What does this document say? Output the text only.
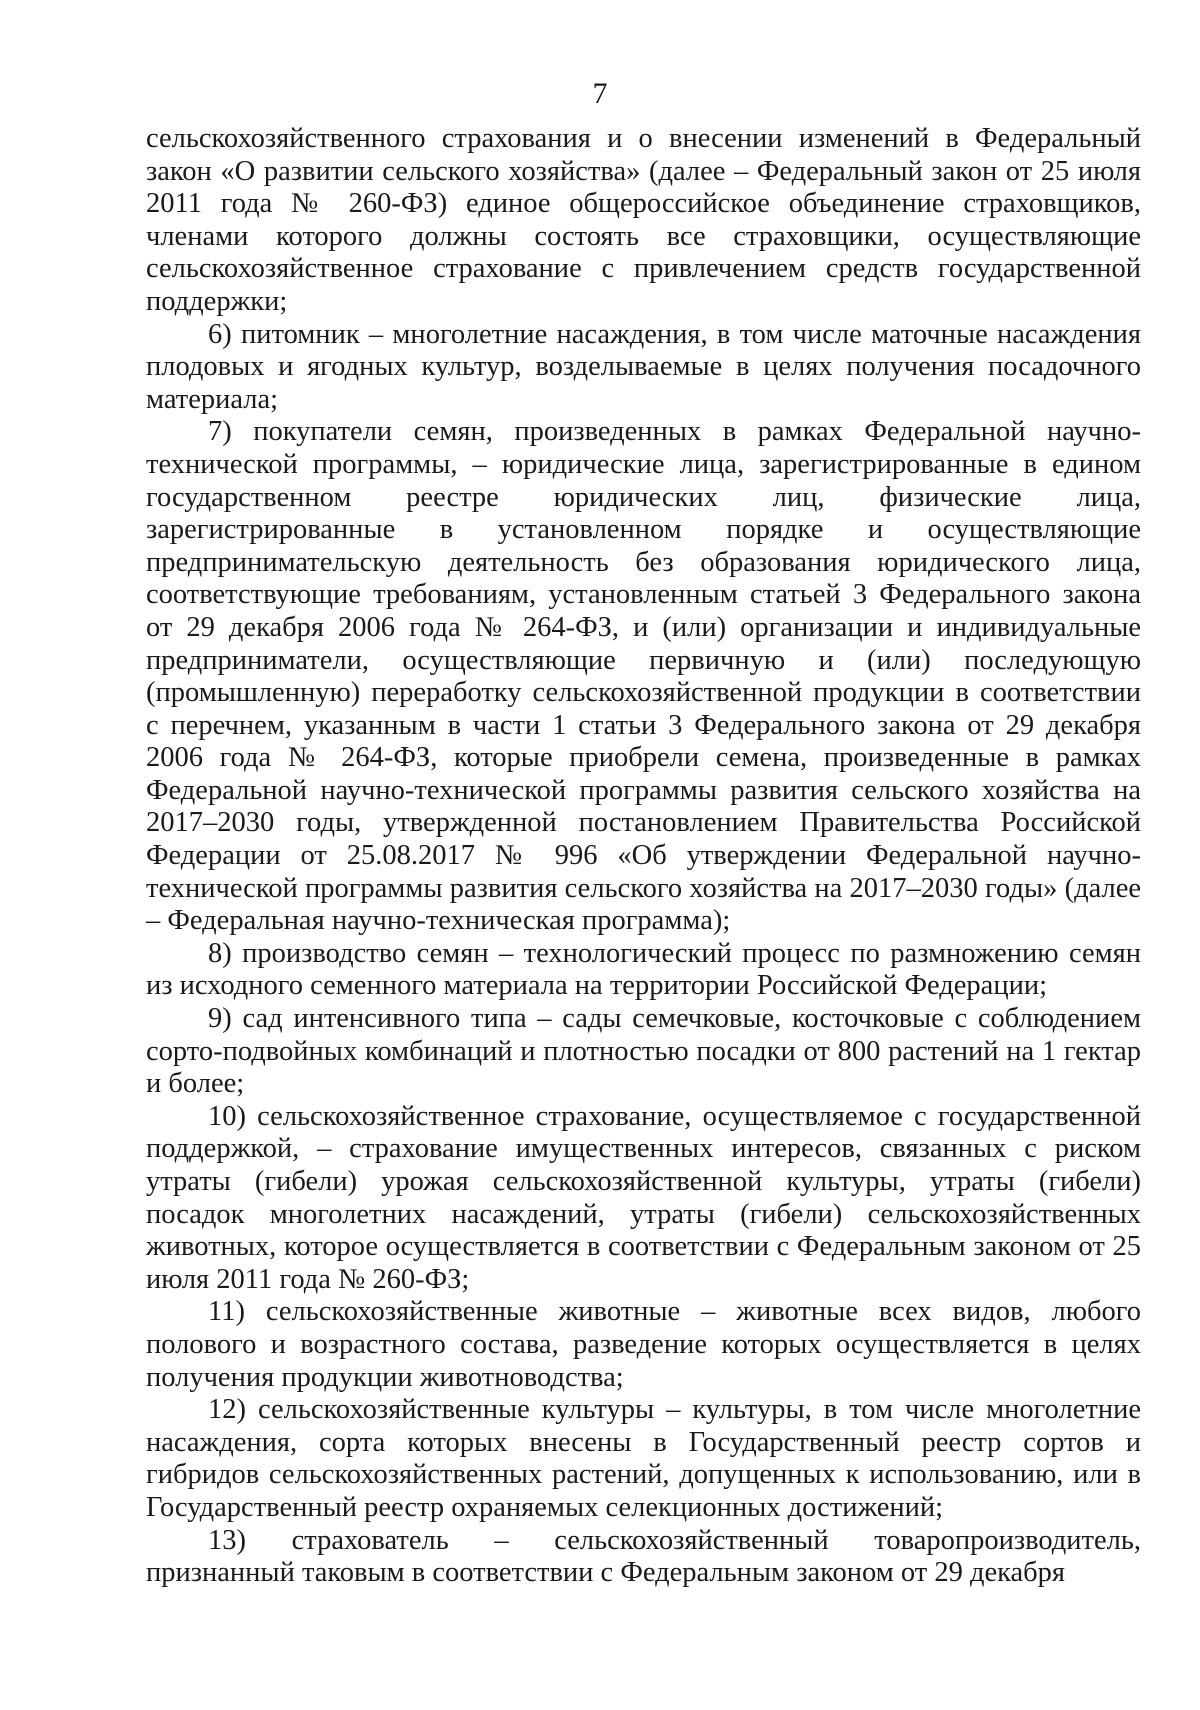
7

сельскохозяйственного страхования и о внесении изменений в Федеральный закон «О развитии сельского хозяйства» (далее – Федеральный закон от 25 июля 2011 года № 260-ФЗ) единое общероссийское объединение страховщиков, членами которого должны состоять все страховщики, осуществляющие сельскохозяйственное страхование с привлечением средств государственной поддержки;

6) питомник – многолетние насаждения, в том числе маточные насаждения плодовых и ягодных культур, возделываемые в целях получения посадочного материала;

7) покупатели семян, произведенных в рамках Федеральной научно-технической программы, – юридические лица, зарегистрированные в едином государственном реестре юридических лиц, физические лица, зарегистрированные в установленном порядке и осуществляющие предпринимательскую деятельность без образования юридического лица, соответствующие требованиям, установленным статьей 3 Федерального закона от 29 декабря 2006 года № 264-ФЗ, и (или) организации и индивидуальные предприниматели, осуществляющие первичную и (или) последующую (промышленную) переработку сельскохозяйственной продукции в соответствии с перечнем, указанным в части 1 статьи 3 Федерального закона от 29 декабря 2006 года № 264-ФЗ, которые приобрели семена, произведенные в рамках Федеральной научно-технической программы развития сельского хозяйства на 2017–2030 годы, утвержденной постановлением Правительства Российской Федерации от 25.08.2017 № 996 «Об утверждении Федеральной научно-технической программы развития сельского хозяйства на 2017–2030 годы» (далее – Федеральная научно-техническая программа);

8) производство семян – технологический процесс по размножению семян из исходного семенного материала на территории Российской Федерации;

9) сад интенсивного типа – сады семечковые, косточковые с соблюдением сорто-подвойных комбинаций и плотностью посадки от 800 растений на 1 гектар и более;

10) сельскохозяйственное страхование, осуществляемое с государственной поддержкой, – страхование имущественных интересов, связанных с риском утраты (гибели) урожая сельскохозяйственной культуры, утраты (гибели) посадок многолетних насаждений, утраты (гибели) сельскохозяйственных животных, которое осуществляется в соответствии с Федеральным законом от 25 июля 2011 года № 260-ФЗ;

11) сельскохозяйственные животные – животные всех видов, любого полового и возрастного состава, разведение которых осуществляется в целях получения продукции животноводства;

12) сельскохозяйственные культуры – культуры, в том числе многолетние насаждения, сорта которых внесены в Государственный реестр сортов и гибридов сельскохозяйственных растений, допущенных к использованию, или в Государственный реестр охраняемых селекционных достижений;

13) страхователь – сельскохозяйственный товаропроизводитель, признанный таковым в соответствии с Федеральным законом от 29 декабря
